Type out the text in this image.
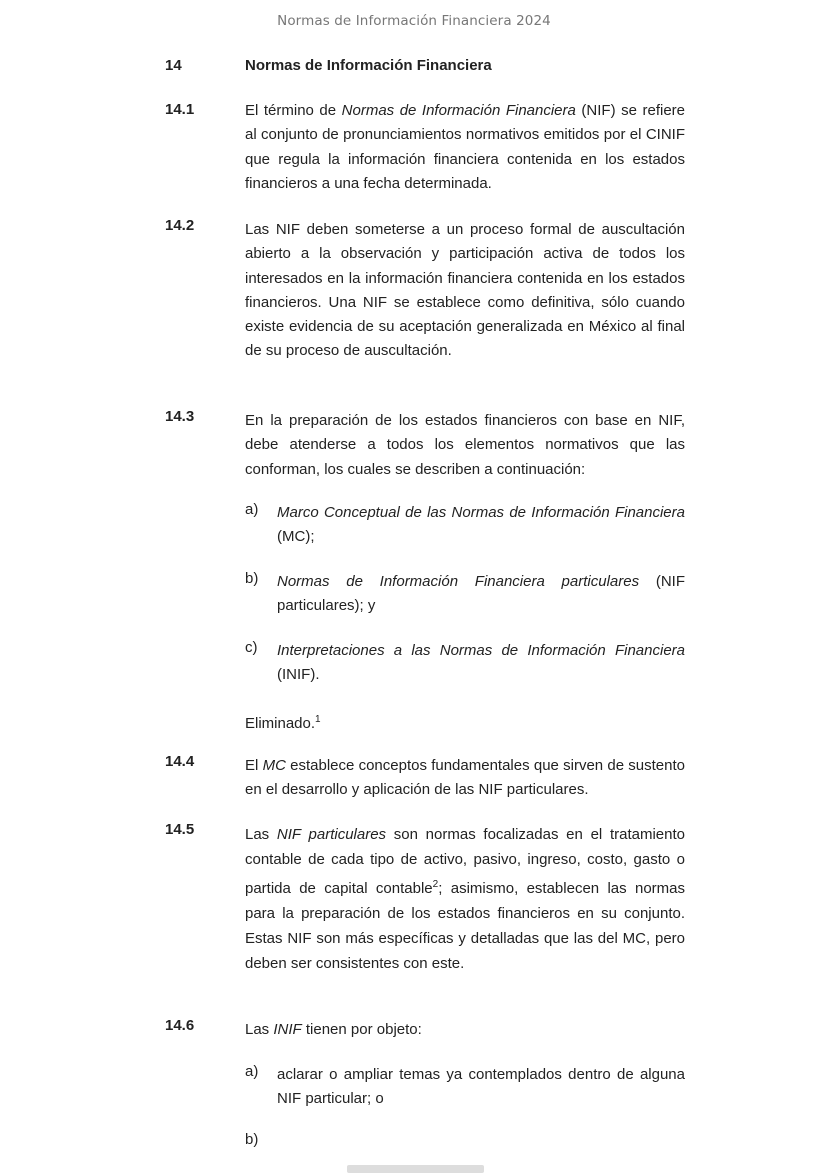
Normas de Información Financiera 2024
14	Normas de Información Financiera
14.1	El término de Normas de Información Financiera (NIF) se refiere al conjunto de pronunciamientos normativos emitidos por el CINIF que regula la información financiera contenida en los estados financieros a una fecha determinada.
14.2	Las NIF deben someterse a un proceso formal de auscultación abierto a la observación y participación activa de todos los interesados en la información financiera contenida en los estados financieros. Una NIF se establece como definitiva, sólo cuando existe evidencia de su aceptación generalizada en México al final de su proceso de auscultación.
14.3	En la preparación de los estados financieros con base en NIF, debe atenderse a todos los elementos normativos que las conforman, los cuales se describen a continuación:
a) Marco Conceptual de las Normas de Información Financiera (MC);
b) Normas de Información Financiera particulares (NIF particulares); y
c) Interpretaciones a las Normas de Información Financiera (INIF).
Eliminado.$^1$
14.4	El MC establece conceptos fundamentales que sirven de sustento en el desarrollo y aplicación de las NIF particulares.
14.5	Las NIF particulares son normas focalizadas en el tratamiento contable de cada tipo de activo, pasivo, ingreso, costo, gasto o partida de capital contable$^2$; asimismo, establecen las normas para la preparación de los estados financieros en su conjunto. Estas NIF son más específicas y detalladas que las del MC, pero deben ser consistentes con este.
14.6	Las INIF tienen por objeto:
a) aclarar o ampliar temas ya contemplados dentro de alguna NIF particular; o
b)
